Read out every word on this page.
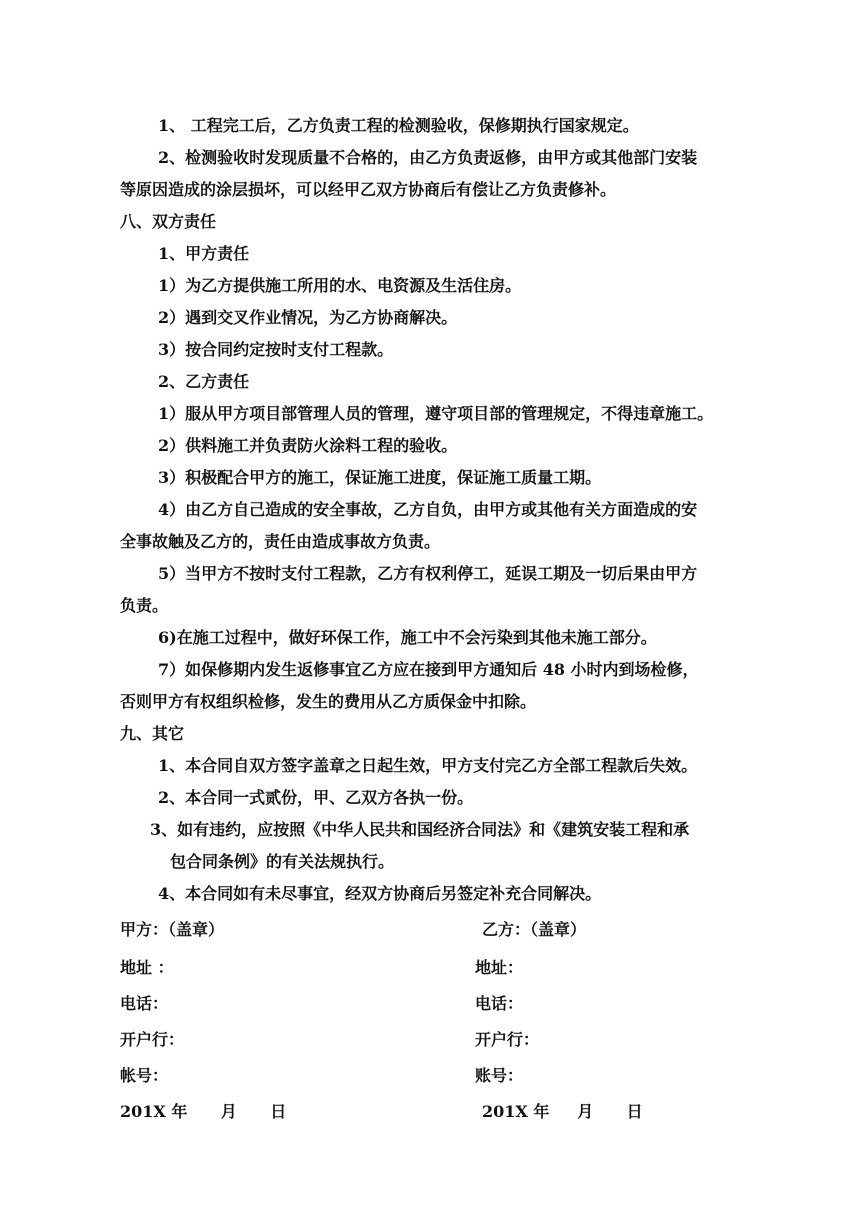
1、 工程完工后，乙方负责工程的检测验收，保修期执行国家规定。
2、检测验收时发现质量不合格的，由乙方负责返修，由甲方或其他部门安装
等原因造成的涂层损坏，可以经甲乙双方协商后有偿让乙方负责修补。
八、双方责任
1、甲方责任
1）为乙方提供施工所用的水、电资源及生活住房。
2）遇到交叉作业情况，为乙方协商解决。
3）按合同约定按时支付工程款。
2、乙方责任
1）服从甲方项目部管理人员的管理，遵守项目部的管理规定，不得违章施工。
2）供料施工并负责防火涂料工程的验收。
3）积极配合甲方的施工，保证施工进度，保证施工质量工期。
4）由乙方自己造成的安全事故，乙方自负，由甲方或其他有关方面造成的安
全事故触及乙方的，责任由造成事故方负责。
5）当甲方不按时支付工程款，乙方有权利停工，延误工期及一切后果由甲方
负责。
6)在施工过程中，做好环保工作，施工中不会污染到其他未施工部分。
7）如保修期内发生返修事宜乙方应在接到甲方通知后 48 小时内到场检修，
否则甲方有权组织检修，发生的费用从乙方质保金中扣除。
九、其它
1、本合同自双方签字盖章之日起生效，甲方支付完乙方全部工程款后失效。
2、本合同一式贰份，甲、乙双方各执一份。
3、如有违约，应按照《中华人民共和国经济合同法》和《建筑安装工程和承
包合同条例》的有关法规执行。
4、本合同如有未尽事宜，经双方协商后另签定补充合同解决。
甲方：（盖章）
地址 ：
电话：
开户行：
帐号：
201X 年      月      日
乙方：（盖章）
地址：
电话：
开户行：
账号：
201X 年     月      日
